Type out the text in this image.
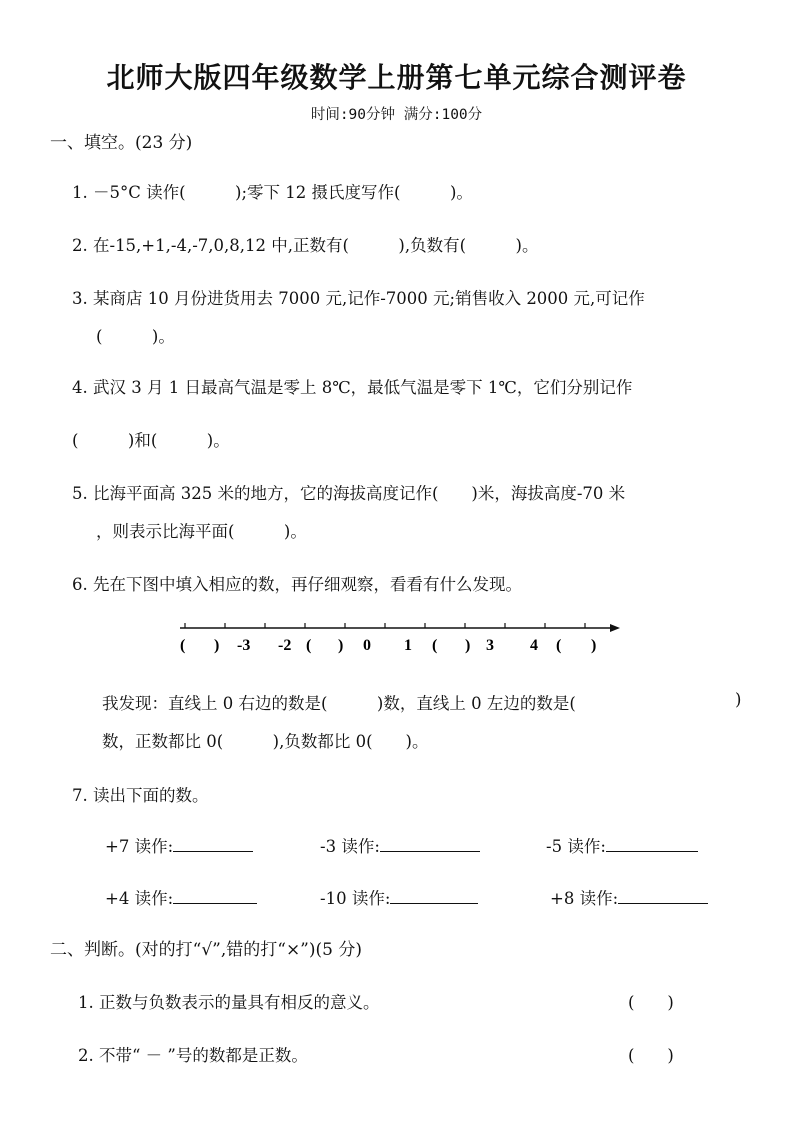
北师大版四年级数学上册第七单元综合测评卷
时间:90分钟 满分:100分
一、填空。(23 分)
1. －5°C 读作(　　　);零下 12 摄氏度写作(　　　)。
2. 在-15,+1,-4,-7,0,8,12 中,正数有(　　　),负数有(　　　)。
3. 某商店 10 月份进货用去 7000 元,记作-7000 元;销售收入 2000 元,可记作
(　　　)。
4. 武汉 3 月 1 日最高气温是零上 8℃，最低气温是零下 1℃，它们分别记作
(　　　)和(　　　)。
5. 比海平面高 325 米的地方，它的海拔高度记作(　　)米，海拔高度-70 米
，则表示比海平面(　　　)。
6. 先在下图中填入相应的数，再仔细观察，看看有什么发现。
( ) -3 -2 ( ) 0 1 ( ) 3 4 ( )
我发现：直线上 0 右边的数是(　　　)数，直线上 0 左边的数是(	)
数，正数都比 0(　　　),负数都比 0(　　)。
7. 读出下面的数。
+7 读作:	-3 读作:	-5 读作:
+4 读作:	-10 读作:	+8 读作:
二、判断。(对的打“√”,错的打“×”)(5 分)
1. 正数与负数表示的量具有相反的意义。	(　　)
2. 不带“ － ”号的数都是正数。	(　　)
